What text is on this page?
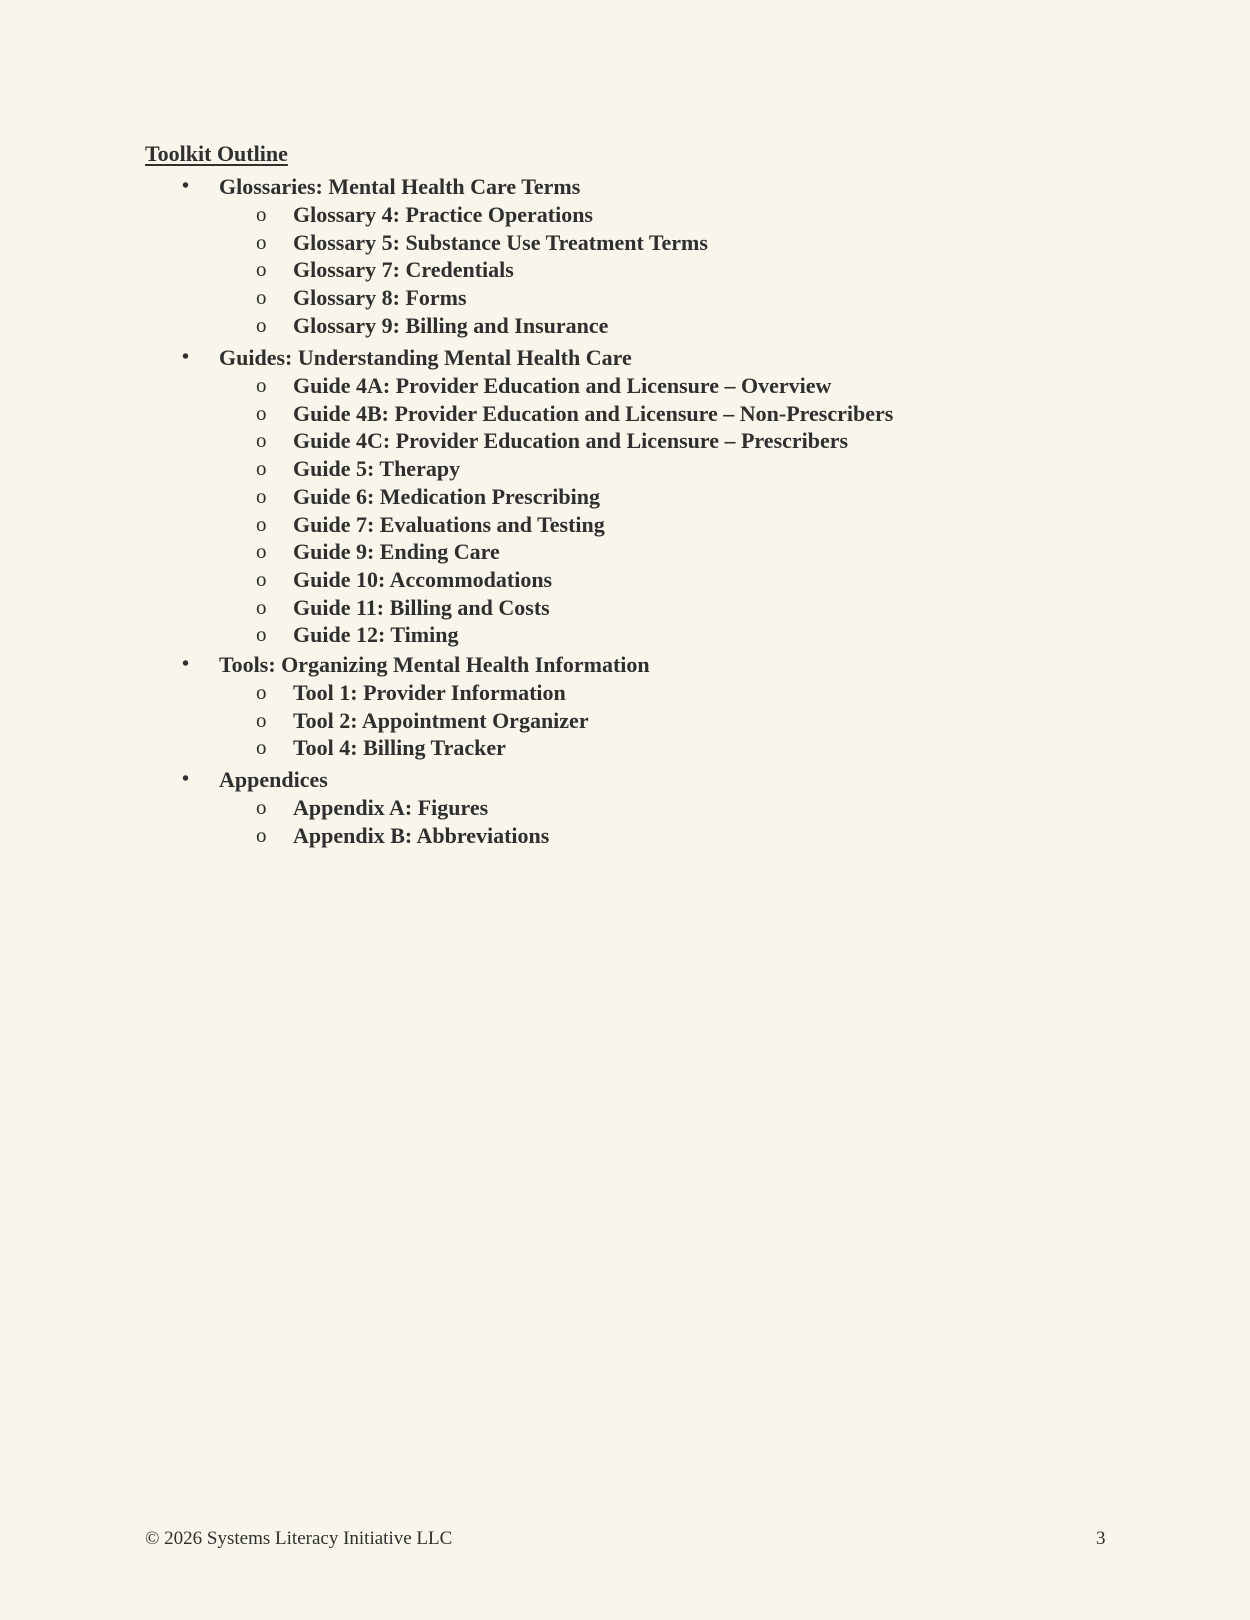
Toolkit Outline
• Glossaries: Mental Health Care Terms
o Glossary 4: Practice Operations
o Glossary 5: Substance Use Treatment Terms
o Glossary 7: Credentials
o Glossary 8: Forms
o Glossary 9: Billing and Insurance
• Guides: Understanding Mental Health Care
o Guide 4A: Provider Education and Licensure – Overview
o Guide 4B: Provider Education and Licensure – Non-Prescribers
o Guide 4C: Provider Education and Licensure – Prescribers
o Guide 5: Therapy
o Guide 6: Medication Prescribing
o Guide 7: Evaluations and Testing
o Guide 9: Ending Care
o Guide 10: Accommodations
o Guide 11: Billing and Costs
o Guide 12: Timing
• Tools: Organizing Mental Health Information
o Tool 1: Provider Information
o Tool 2: Appointment Organizer
o Tool 4: Billing Tracker
• Appendices
o Appendix A: Figures
o Appendix B: Abbreviations
© 2026 Systems Literacy Initiative LLC	3
